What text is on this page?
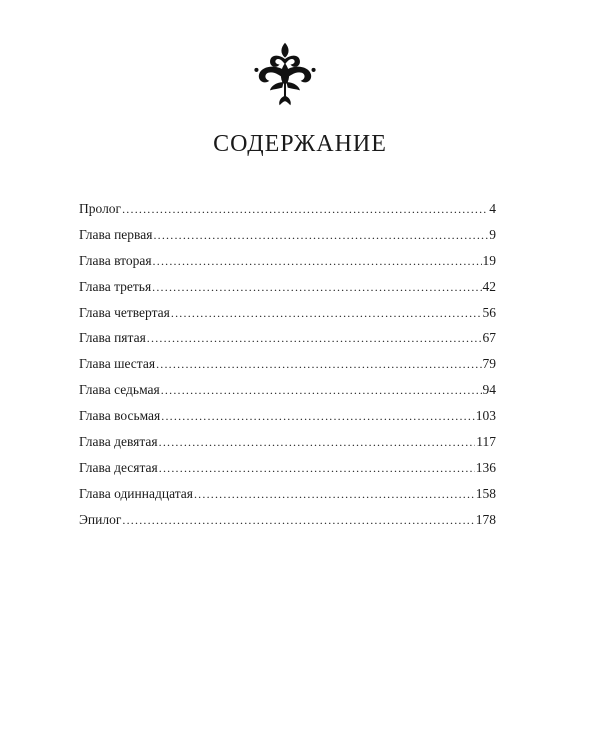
СОДЕРЖАНИЕ
Пролог .....	4
Глава первая .....	9
Глава вторая .....	19
Глава третья .....	42
Глава четвертая .....	56
Глава пятая .....	67
Глава шестая .....	79
Глава седьмая .....	94
Глава восьмая .....	103
Глава девятая .....	117
Глава десятая .....	136
Глава одиннадцатая .....	158
Эпилог .....	178
